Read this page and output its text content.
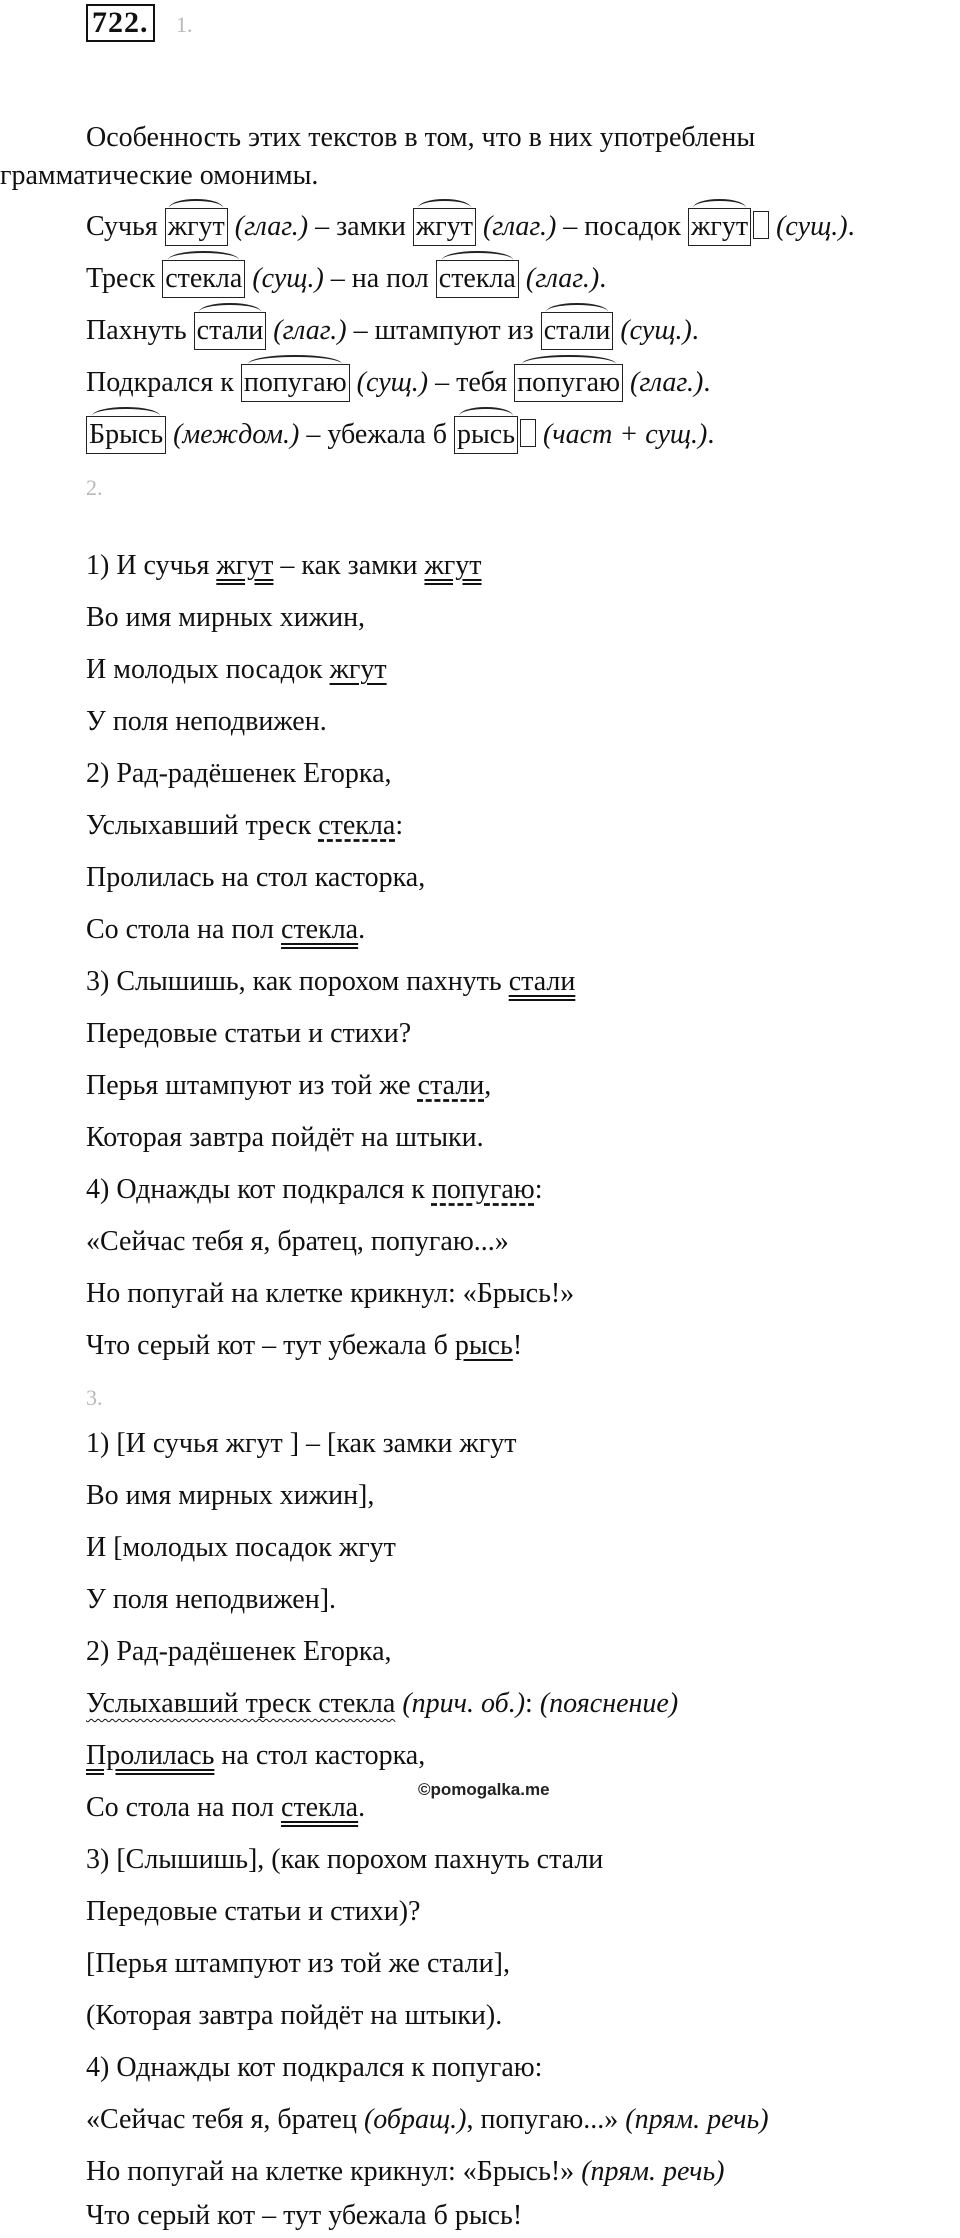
722. 1.
Особенность этих текстов в том, что в них употреблены
грамматические омонимы.
Сучья жгут (глаг.) – замки жгут (глаг.) – посадок жгут (сущ.).
Треск стекла (сущ.) – на пол стекла (глаг.).
Пахнуть стали (глаг.) – штампуют из стали (сущ.).
Подкрался к попугаю (сущ.) – тебя попугаю (глаг.).
Брысь (междом.) – убежала б рысь (част + сущ.).
2.
1) И сучья жгут – как замки жгут
Во имя мирных хижин,
И молодых посадок жгут
У поля неподвижен.
2) Рад-радёшенек Егорка,
Услыхавший треск стекла:
Пролилась на стол касторка,
Со стола на пол стекла.
3) Слышишь, как порохом пахнуть стали
Передовые статьи и стихи?
Перья штампуют из той же стали,
Которая завтра пойдёт на штыки.
4) Однажды кот подкрался к попугаю:
«Сейчас тебя я, братец, попугаю...»
Но попугай на клетке крикнул: «Брысь!»
Что серый кот – тут убежала б рысь!
3.
1) [И сучья жгут ] – [как замки жгут
Во имя мирных хижин],
И [молодых посадок жгут
У поля неподвижен].
2) Рад-радёшенек Егорка,
Услыхавший треск стекла (прич. об.): (пояснение)
Пролилась на стол касторка,
Со стола на пол стекла.
©pomogalka.me
3) [Слышишь], (как порохом пахнуть стали
Передовые статьи и стихи)?
[Перья штампуют из той же стали],
(Которая завтра пойдёт на штыки).
4) Однажды кот подкрался к попугаю:
«Сейчас тебя я, братец (обращ.), попугаю...» (прям. речь)
Но попугай на клетке крикнул: «Брысь!» (прям. речь)
Что серый кот – тут убежала б рысь!
